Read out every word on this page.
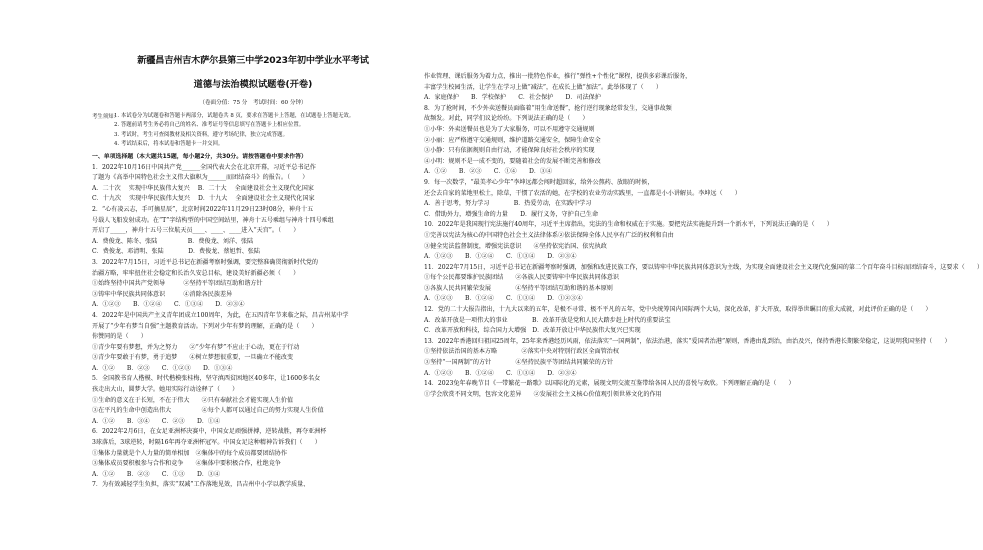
新疆昌吉州吉木萨尔县第三中学2023年初中学业水平考试
道德与法治模拟试题卷(开卷)
（卷面分值：75 分　考试时间：60 分钟）
考生须知：
1. 本试卷分为试题卷和答题卡两部分，试题卷共 8 页，要求在答题卡上答题，在试题卷上答题无效。
2. 答题前请考生务必将自己的姓名、准考证号等信息填写在答题卡上相应位置。
3. 考试时，考生可查阅教材及相关资料，遵守考场纪律，独立完成答题。
4. 考试结束后，将本试卷和答题卡一并交回。
一、单项选择题（本大题共15题，每小题2分，共30分。请按答题卷中要求作答）
1．2022年10月16日中国共产党______全国代表大会在北京开幕，习近平总书记作
了题为《高举中国特色社会主义伟大旗帜为______而团结奋斗》的报告。（　　）
A．二十次　 实现中华民族伟大复兴　 B．二十大　 全面建设社会主义现代化国家
C．十九次　 实现中华民族伟大复兴　 D．十九大　 全面建设社会主义现代化国家
2．“心有凌云志，手可摘星辰”，北京时间2022年11月29日23时08分，神舟十五
号载人飞船发射成功。在“T”字结构型的中国空间站里，神舟十五号乘组与神舟十四号乘组
开启了_____，神舟十五号三位航天员____、____、____进入“天宫”。（　　）
A．费俊龙、陈冬、张陆　　　　　B．费俊龙、刘洋、张陆
C．费俊龙、邓清明、张陆　　　　D．费俊龙、蔡旭哲、张陆
3．2022年7月15日，习近平总书记在新疆考察时强调，要完整准确贯彻新时代党的
治疆方略，牢牢扭住社会稳定和长治久安总目标，建设美好新疆必须（　　）
①始终坚持中国共产党领导　　　②坚持平等团结互助和谐方针
③铸牢中华民族共同体意识　　　④消除各民族差异
A．①②③　　B．①②④　　C．①③④　　D．②③④
4．2022年是中国共产主义青年团成立100周年，为此，在五四青年节来临之际，昌吉州某中学
开展了“少年有梦当自强”主题教育活动。下列对少年有梦的理解，正确的是（　　）
你赞同的是（　　）
①青少年要有梦想，并为之努力　　②“少年有梦”不应止于心动，更在于行动
③青少年要敢于有梦，勇于追梦　　④树立梦想很重要，一旦确立不能改变
A．①②　　B．②③　　C．①②③　　D．①③④
5．全国教书育人楷模、时代楷模张桂梅，坚守滇西贫困地区40多年，让1600多名女
孩走出大山，圆梦大学。她用实际行动诠释了（　　）
①生命的意义在于长短，不在于伟大　　②只有奉献社会才能实现人生价值
③在平凡的生命中创造出伟大　　　　　④每个人都可以通过自己的努力实现人生价值
A．①②　　B．③④　　C．②③　　D．①④
6．2022年2月6日，在女足亚洲杯决赛中，中国女足顽强拼搏，逆转战胜，再夺亚洲杯
3球落后，3球逆转，时隔16年再夺亚洲杯冠军。中国女足这种精神告诉我们（　　）
①集体力量就是个人力量的简单相加　②集体中的每个成员都要团结协作
③集体成员要积极参与合作和竞争　　④集体中要积极合作，杜绝竞争
A．①②　　B．②③　　C．①③　　D．③④
7．为有效减轻学生负担，落实“双减”工作落地见效，昌吉州中小学以教学质量、
作业管理、课后服务为着力点，推出一批特色作业，推行“弹性+个性化”课程，提供多彩课后服务，
丰富学生校园生活，让学生在学习上做“减法”，在成长上做“加法”。此举体现了（　　）
A．家庭保护　　B．学校保护　　C．社会保护　　D．司法保护
8．为了抢时间，不少外卖送餐员面临着“用生命送餐”，抢行逆行现象经常发生，交通事故频
故频发。对此，同学们议论纷纷。下列说法正确的是（　　）
①小华：外卖送餐员也是为了大家服务，可以不用遵守交通规则
②小丽：应严格遵守交通规则，维护道路交通安全，保障生命安全
③小静：只有依据规则自由行动，才能保障良好社会秩序的实现
④小明：规则不是一成不变的，要随着社会的发展不断完善和修改
A．①②　　B．②③　　C．①④　　D．③④
9．每一次数学，“最美孝心少年”李坤远都会闯时超回家，给外公熬药、放眼的时候，
还会去自家的菜地里松土，除草，干惯了农活的她，在学校的农业劳动实践里，一直都是小小讲解员。李坤远（　　）
A．善于思考，努力学习　　　　B．热爱劳动，在实践中学习
C．借助外力，增强生命的力量　　D．履行义务，守护自己生命
10．2022年是我国现行宪法施行40周年，习近平主席指出，宪法的生命和权威在于实施。要把宪法实施提升到一个新水平，下列说法正确的是（　　）
①完善以宪法为核心的中国特色社会主义法律体系②依法保障全体人民享有广泛的权利和自由
③健全宪法监督制度，增强宪法意识　　④坚持依宪治国、依宪执政
A．①②③　　B．①②④　　C．①③④　　D．②③④
11．2022年7月15日，习近平总书记在新疆考察时强调，加强和改进民族工作，要以铸牢中华民族共同体意识为主线，为实现全面建设社会主义现代化强国的第二个百年奋斗目标而团结奋斗，这要求（　　）
①每个公民都要维护民族团结　　②各族人民要铸牢中华民族共同体意识
③各族人民共同繁荣发展　　　　④坚持平等团结互助和谐的基本原则
A．①②③　　B．①②④　　C．①③④　　D．①②③④
12．党的二十大报告指出，十九大以来的五年，是极不寻常、极不平凡的五年，党中央统筹国内国际两个大局，深化改革，扩大开放，取得举世瞩目的重大成就，对此评价正确的是（　　）
A．改革开放是一项伟大的事业　　　　B．改革开放是党和人民大踏步赶上时代的重要法宝
C．改革开放和科技，综合国力大增强　D．改革开放让中华民族伟大复兴已实现
13．2022年香港回归祖国25周年，25年来香港经历风雨，依法落实“一国两制”，依法治港，落实“爱国者治港”原则，香港由乱到治，由治及兴，保持香港长期繁荣稳定，这说明我国坚持（　　）
①坚持依法治国的基本方略　　　　②落实中央对特别行政区全面管治权
③坚持“一国两制”的方针　　　　④坚持民族平等团结共同繁荣的方针
A．①②③　　B．①②④　　C．①③④　　D．②③④
14．2023兔年春晚节目《一带繁花一路歌》以国际化的元素，展现文明交流互鉴带给各国人民的喜悦与欢欣。下列理解正确的是（　　）
①学会欣赏不同文明，包容文化差异　　②发展社会主义核心价值观引领世界文化的作用
